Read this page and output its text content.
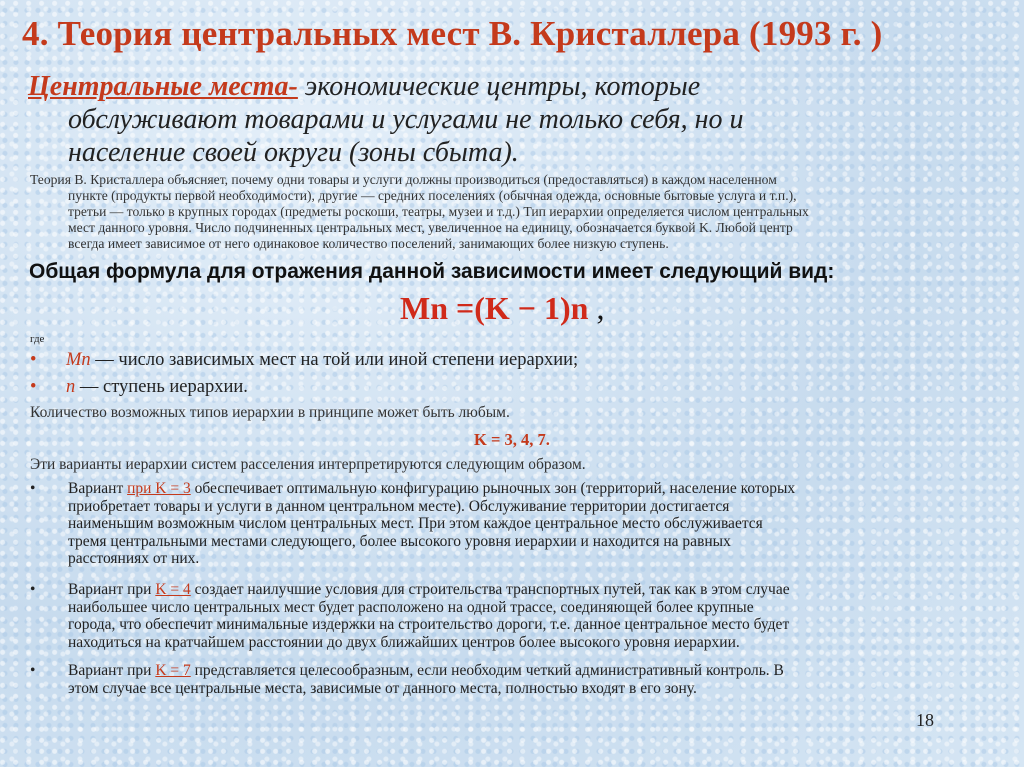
4. Теория центральных мест В. Кристаллера (1993 г. )
Центральные места- экономические центры, которые
обслуживают товарами и услугами не только себя, но и
население своей округи (зоны сбыта).
Теория В. Кристаллера объясняет, почему одни товары и услуги должны производиться (предоставляться) в каждом населенном
пункте (продукты первой необходимости), другие — средних поселениях (обычная одежда, основные бытовые услуга и т.п.),
третьи — только в крупных городах (предметы роскоши, театры, музеи и т.д.) Тип иерархии определяется числом центральных
мест данного уровня. Число подчиненных центральных мест, увеличенное на единицу, обозначается буквой K. Любой центр
всегда имеет зависимое от него одинаковое количество поселений, занимающих более низкую ступень.
Общая формула для отражения данной зависимости имеет следующий вид:
Mn =(K − 1)n ,
где
• Mn — число зависимых мест на той или иной степени иерархии;
• n — ступень иерархии.
Количество возможных типов иерархии в принципе может быть любым.
K = 3, 4, 7.
Эти варианты иерархии систем расселения интерпретируются следующим образом.
• Вариант при K = 3 обеспечивает оптимальную конфигурацию рыночных зон (территорий, население которых
приобретает товары и услуги в данном центральном месте). Обслуживание территории достигается
наименьшим возможным числом центральных мест. При этом каждое центральное место обслуживается
тремя центральными местами следующего, более высокого уровня иерархии и находится на равных
расстояниях от них.
• Вариант при K = 4 создает наилучшие условия для строительства транспортных путей, так как в этом случае
наибольшее число центральных мест будет расположено на одной трассе, соединяющей более крупные
города, что обеспечит минимальные издержки на строительство дороги, т.е. данное центральное место будет
находиться на кратчайшем расстоянии до двух ближайших центров более высокого уровня иерархии.
• Вариант при K = 7 представляется целесообразным, если необходим четкий административный контроль. В
этом случае все центральные места, зависимые от данного места, полностью входят в его зону.
18
